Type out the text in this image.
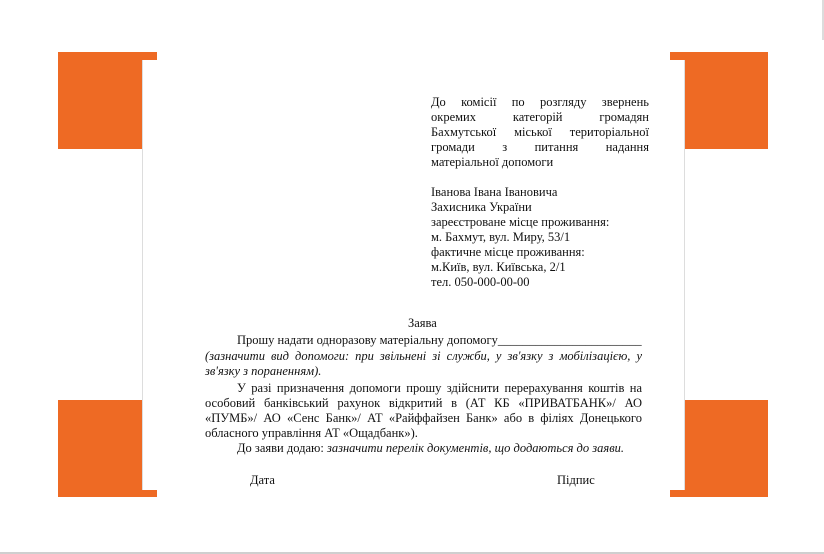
До комісії по розгляду звернень
окремих категорій громадян
Бахмутської міської територіальної
громади з питання надання
матеріальної допомоги
Іванова Івана Івановича
Захисника України
зареєстроване місце проживання:
м. Бахмут, вул. Миру, 53/1
фактичне місце проживання:
м.Київ, вул. Київська, 2/1
тел. 050-000-00-00
Заява
Прошу надати одноразову матеріальну допомогу_______________________
(зазначити вид допомоги: при звільнені зі служби, у зв'язку з мобілізацією, у
зв'язку з пораненням).
У разі призначення допомоги прошу здійснити перерахування коштів на
особовий банківський рахунок відкритий в (АТ КБ «ПРИВАТБАНК»/ АО
«ПУМБ»/ АО «Сенс Банк»/ АТ «Райффайзен Банк» або в філіях Донецького
обласного управління АТ «Ощадбанк»).
До заяви додаю: зазначити перелік документів, що додаються до заяви.
Дата	Підпис
